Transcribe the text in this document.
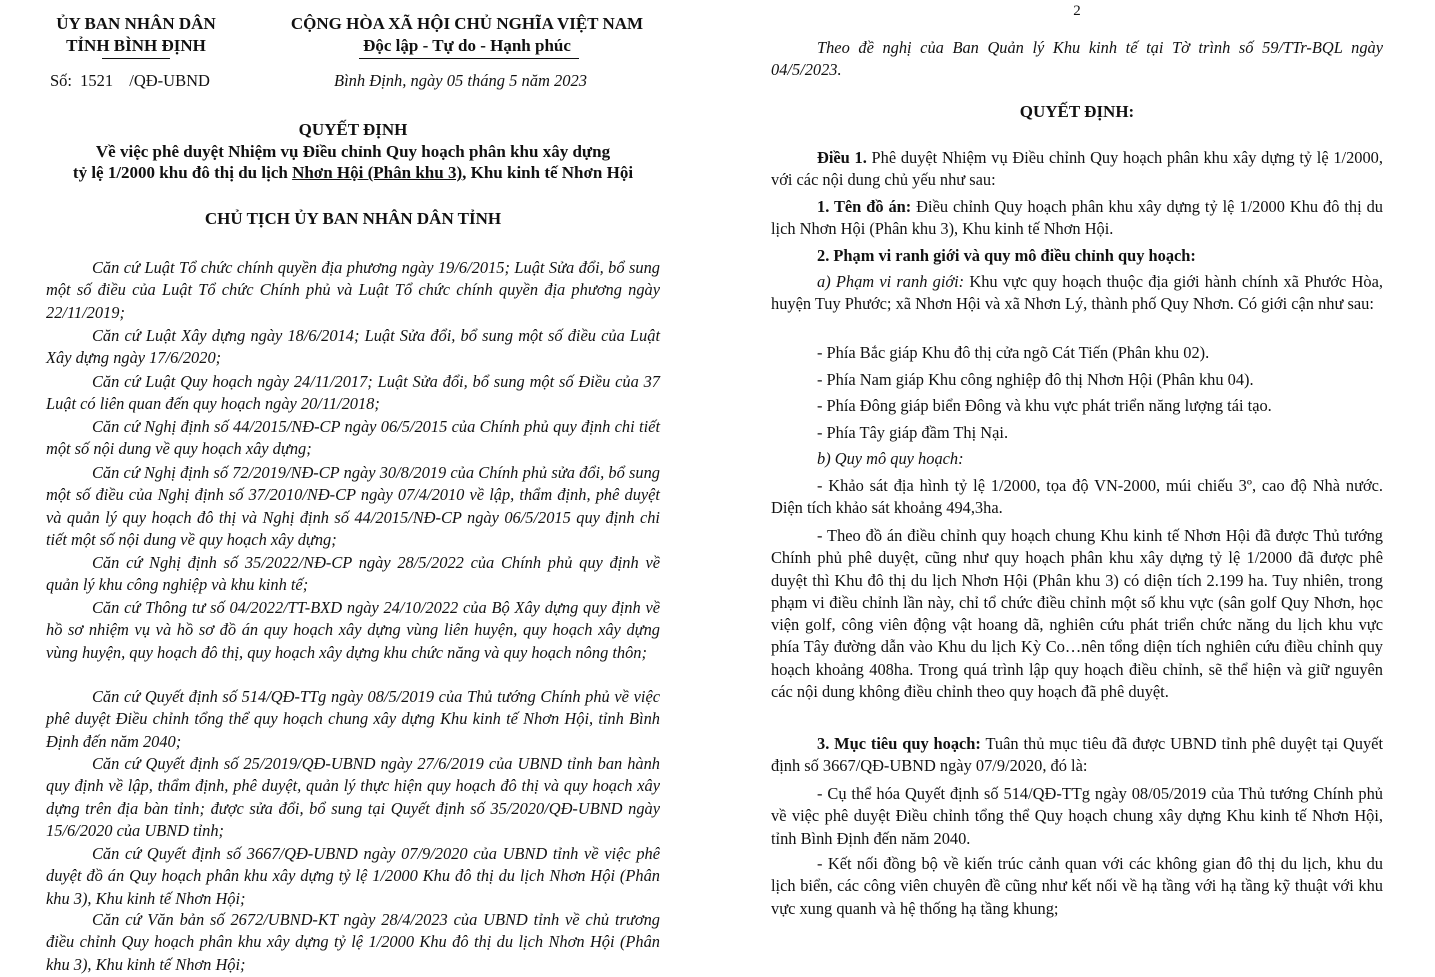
ỦY BAN NHÂN DÂN
TỈNH BÌNH ĐỊNH
Số: 1521 /QĐ-UBND
CỘNG HÒA XÃ HỘI CHỦ NGHĨA VIỆT NAM
Độc lập - Tự do - Hạnh phúc
Bình Định, ngày 05 tháng 5 năm 2023
QUYẾT ĐỊNH
Về việc phê duyệt Nhiệm vụ Điều chỉnh Quy hoạch phân khu xây dựng
tỷ lệ 1/2000 khu đô thị du lịch Nhơn Hội (Phân khu 3), Khu kinh tế Nhơn Hội
CHỦ TỊCH ỦY BAN NHÂN DÂN TỈNH
Căn cứ Luật Tổ chức chính quyền địa phương ngày 19/6/2015; Luật Sửa đổi, bổ sung một số điều của Luật Tổ chức Chính phủ và Luật Tổ chức chính quyền địa phương ngày 22/11/2019;
Căn cứ Luật Xây dựng ngày 18/6/2014; Luật Sửa đổi, bổ sung một số điều của Luật Xây dựng ngày 17/6/2020;
Căn cứ Luật Quy hoạch ngày 24/11/2017; Luật Sửa đổi, bổ sung một số Điều của 37 Luật có liên quan đến quy hoạch ngày 20/11/2018;
Căn cứ Nghị định số 44/2015/NĐ-CP ngày 06/5/2015 của Chính phủ quy định chi tiết một số nội dung về quy hoạch xây dựng;
Căn cứ Nghị định số 72/2019/NĐ-CP ngày 30/8/2019 của Chính phủ sửa đổi, bổ sung một số điều của Nghị định số 37/2010/NĐ-CP ngày 07/4/2010 về lập, thẩm định, phê duyệt và quản lý quy hoạch đô thị và Nghị định số 44/2015/NĐ-CP ngày 06/5/2015 quy định chi tiết một số nội dung về quy hoạch xây dựng;
Căn cứ Nghị định số 35/2022/NĐ-CP ngày 28/5/2022 của Chính phủ quy định về quản lý khu công nghiệp và khu kinh tế;
Căn cứ Thông tư số 04/2022/TT-BXD ngày 24/10/2022 của Bộ Xây dựng quy định về hồ sơ nhiệm vụ và hồ sơ đồ án quy hoạch xây dựng vùng liên huyện, quy hoạch xây dựng vùng huyện, quy hoạch đô thị, quy hoạch xây dựng khu chức năng và quy hoạch nông thôn;
Căn cứ Quyết định số 514/QĐ-TTg ngày 08/5/2019 của Thủ tướng Chính phủ về việc phê duyệt Điều chỉnh tổng thể quy hoạch chung xây dựng Khu kinh tế Nhơn Hội, tỉnh Bình Định đến năm 2040;
Căn cứ Quyết định số 25/2019/QĐ-UBND ngày 27/6/2019 của UBND tỉnh ban hành quy định về lập, thẩm định, phê duyệt, quản lý thực hiện quy hoạch đô thị và quy hoạch xây dựng trên địa bàn tỉnh; được sửa đổi, bổ sung tại Quyết định số 35/2020/QĐ-UBND ngày 15/6/2020 của UBND tỉnh;
Căn cứ Quyết định số 3667/QĐ-UBND ngày 07/9/2020 của UBND tỉnh về việc phê duyệt đồ án Quy hoạch phân khu xây dựng tỷ lệ 1/2000 Khu đô thị du lịch Nhơn Hội (Phân khu 3), Khu kinh tế Nhơn Hội;
Căn cứ Văn bản số 2672/UBND-KT ngày 28/4/2023 của UBND tỉnh về chủ trương điều chỉnh Quy hoạch phân khu xây dựng tỷ lệ 1/2000 Khu đô thị du lịch Nhơn Hội (Phân khu 3), Khu kinh tế Nhơn Hội;
2
Theo đề nghị của Ban Quản lý Khu kinh tế tại Tờ trình số 59/TTr-BQL ngày 04/5/2023.
QUYẾT ĐỊNH:
Điều 1. Phê duyệt Nhiệm vụ Điều chỉnh Quy hoạch phân khu xây dựng tỷ lệ 1/2000, với các nội dung chủ yếu như sau:
1. Tên đồ án: Điều chỉnh Quy hoạch phân khu xây dựng tỷ lệ 1/2000 Khu đô thị du lịch Nhơn Hội (Phân khu 3), Khu kinh tế Nhơn Hội.
2. Phạm vi ranh giới và quy mô điều chỉnh quy hoạch:
a) Phạm vi ranh giới: Khu vực quy hoạch thuộc địa giới hành chính xã Phước Hòa, huyện Tuy Phước; xã Nhơn Hội và xã Nhơn Lý, thành phố Quy Nhơn. Có giới cận như sau:
- Phía Bắc giáp Khu đô thị cửa ngõ Cát Tiến (Phân khu 02).
- Phía Nam giáp Khu công nghiệp đô thị Nhơn Hội (Phân khu 04).
- Phía Đông giáp biển Đông và khu vực phát triển năng lượng tái tạo.
- Phía Tây giáp đầm Thị Nại.
b) Quy mô quy hoạch:
- Khảo sát địa hình tỷ lệ 1/2000, tọa độ VN-2000, múi chiếu 3º, cao độ Nhà nước. Diện tích khảo sát khoảng 494,3ha.
- Theo đồ án điều chỉnh quy hoạch chung Khu kinh tế Nhơn Hội đã được Thủ tướng Chính phủ phê duyệt, cũng như quy hoạch phân khu xây dựng tỷ lệ 1/2000 đã được phê duyệt thì Khu đô thị du lịch Nhơn Hội (Phân khu 3) có diện tích 2.199 ha. Tuy nhiên, trong phạm vi điều chỉnh lần này, chỉ tổ chức điều chỉnh một số khu vực (sân golf Quy Nhơn, học viện golf, công viên động vật hoang dã, nghiên cứu phát triển chức năng du lịch khu vực phía Tây đường dẫn vào Khu du lịch Kỳ Co…nên tổng diện tích nghiên cứu điều chỉnh quy hoạch khoảng 408ha. Trong quá trình lập quy hoạch điều chỉnh, sẽ thể hiện và giữ nguyên các nội dung không điều chỉnh theo quy hoạch đã phê duyệt.
3. Mục tiêu quy hoạch: Tuân thủ mục tiêu đã được UBND tỉnh phê duyệt tại Quyết định số 3667/QĐ-UBND ngày 07/9/2020, đó là:
- Cụ thể hóa Quyết định số 514/QĐ-TTg ngày 08/05/2019 của Thủ tướng Chính phủ về việc phê duyệt Điều chỉnh tổng thể Quy hoạch chung xây dựng Khu kinh tế Nhơn Hội, tỉnh Bình Định đến năm 2040.
- Kết nối đồng bộ về kiến trúc cảnh quan với các không gian đô thị du lịch, khu du lịch biển, các công viên chuyên đề cũng như kết nối về hạ tầng với hạ tầng kỹ thuật với khu vực xung quanh và hệ thống hạ tầng khung;
